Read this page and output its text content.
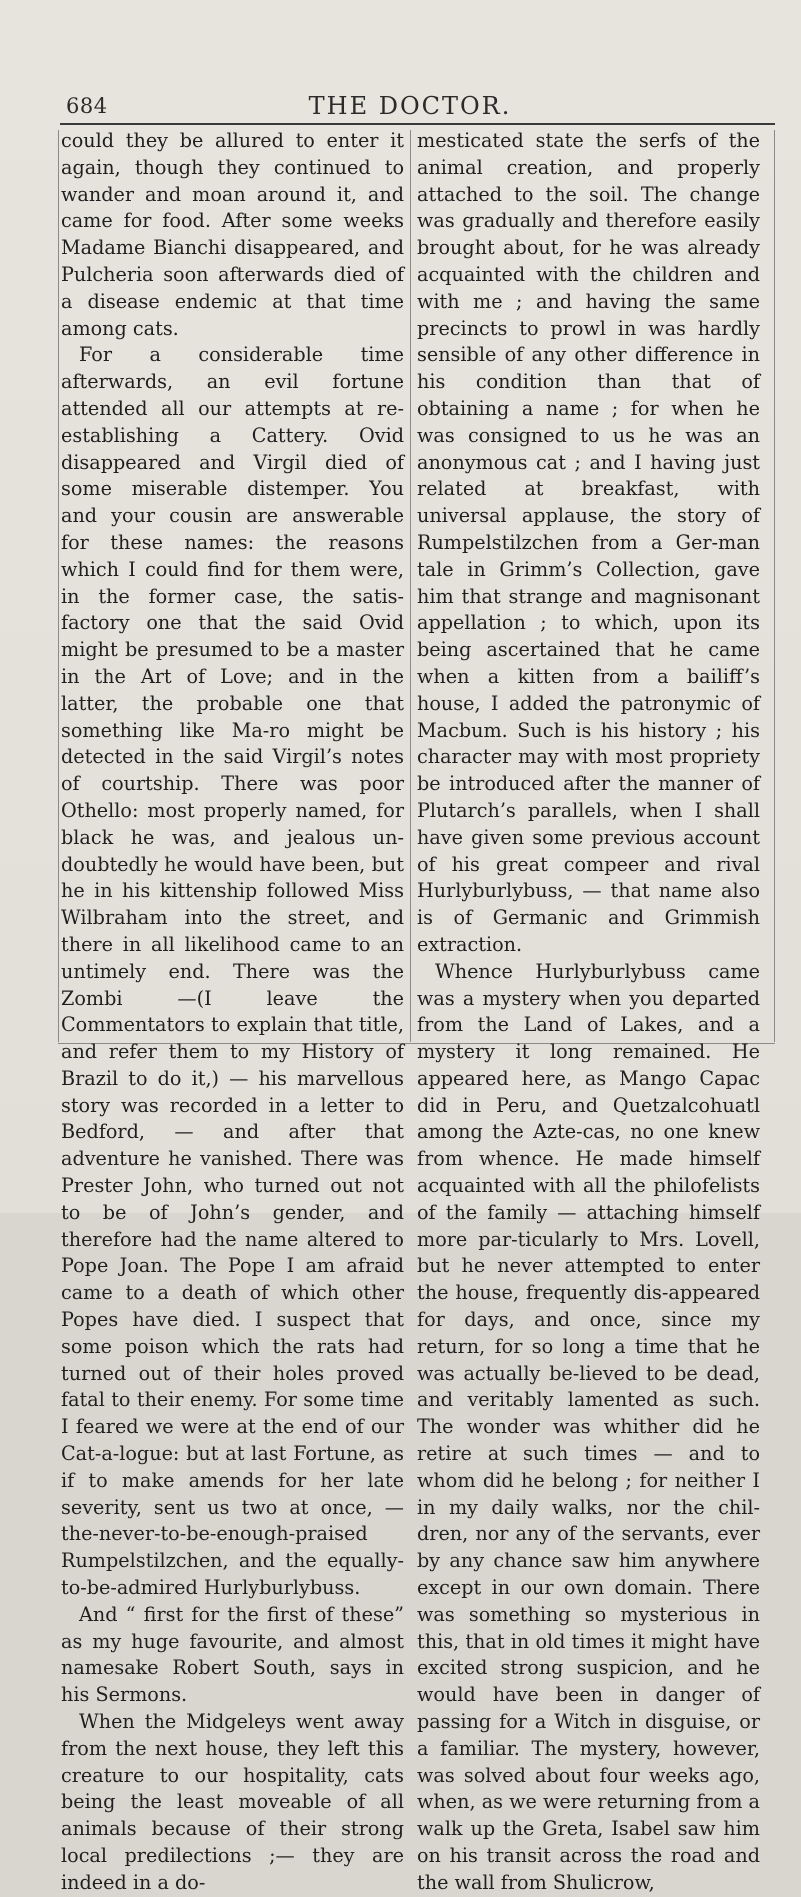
684	THE DOCTOR.

could they be allured to enter it again, though they continued to wander and moan around it, and came for food. After some weeks Madame Bianchi disappeared, and Pulcheria soon afterwards died of a disease endemic at that time among cats.

For a considerable time afterwards, an evil fortune attended all our attempts at re-establishing a Cattery. Ovid disappeared and Virgil died of some miserable distemper. You and your cousin are answerable for these names: the reasons which I could find for them were, in the former case, the satis-factory one that the said Ovid might be presumed to be a master in the Art of Love; and in the latter, the probable one that something like Ma-ro might be detected in the said Virgil’s notes of courtship. There was poor Othello: most properly named, for black he was, and jealous un-doubtedly he would have been, but he in his kittenship followed Miss Wilbraham into the street, and there in all likelihood came to an untimely end. There was the Zombi —(I leave the Commentators to explain that title, and refer them to my History of Brazil to do it,) — his marvellous story was recorded in a letter to Bedford, — and after that adventure he vanished. There was Prester John, who turned out not to be of John’s gender, and therefore had the name altered to Pope Joan. The Pope I am afraid came to a death of which other Popes have died. I suspect that some poison which the rats had turned out of their holes proved fatal to their enemy. For some time I feared we were at the end of our Cat-a-logue: but at last Fortune, as if to make amends for her late severity, sent us two at once, — the-never-to-be-enough-praised Rumpelstilzchen, and the equally-to-be-admired Hurlyburlybuss.

And “ first for the first of these” as my huge favourite, and almost namesake Robert South, says in his Sermons.

When the Midgeleys went away from the next house, they left this creature to our hospitality, cats being the least moveable of all animals because of their strong local predilections ;— they are indeed in a do-

mesticated state the serfs of the animal creation, and properly attached to the soil. The change was gradually and therefore easily brought about, for he was already acquainted with the children and with me ; and having the same precincts to prowl in was hardly sensible of any other difference in his condition than that of obtaining a name ; for when he was consigned to us he was an anonymous cat ; and I having just related at breakfast, with universal applause, the story of Rumpelstilzchen from a Ger-man tale in Grimm’s Collection, gave him that strange and magnisonant appellation ; to which, upon its being ascertained that he came when a kitten from a bailiff’s house, I added the patronymic of Macbum. Such is his history ; his character may with most propriety be introduced after the manner of Plutarch’s parallels, when I shall have given some previous account of his great compeer and rival Hurlyburlybuss, — that name also is of Germanic and Grimmish extraction.

Whence Hurlyburlybuss came was a mystery when you departed from the Land of Lakes, and a mystery it long remained. He appeared here, as Mango Capac did in Peru, and Quetzalcohuatl among the Azte-cas, no one knew from whence. He made himself acquainted with all the philofelists of the family — attaching himself more par-ticularly to Mrs. Lovell, but he never attempted to enter the house, frequently dis-appeared for days, and once, since my return, for so long a time that he was actually be-lieved to be dead, and veritably lamented as such. The wonder was whither did he retire at such times — and to whom did he belong ; for neither I in my daily walks, nor the chil-dren, nor any of the servants, ever by any chance saw him anywhere except in our own domain. There was something so mysterious in this, that in old times it might have excited strong suspicion, and he would have been in danger of passing for a Witch in disguise, or a familiar. The mystery, however, was solved about four weeks ago, when, as we were returning from a walk up the Greta, Isabel saw him on his transit across the road and the wall from Shulicrow,
